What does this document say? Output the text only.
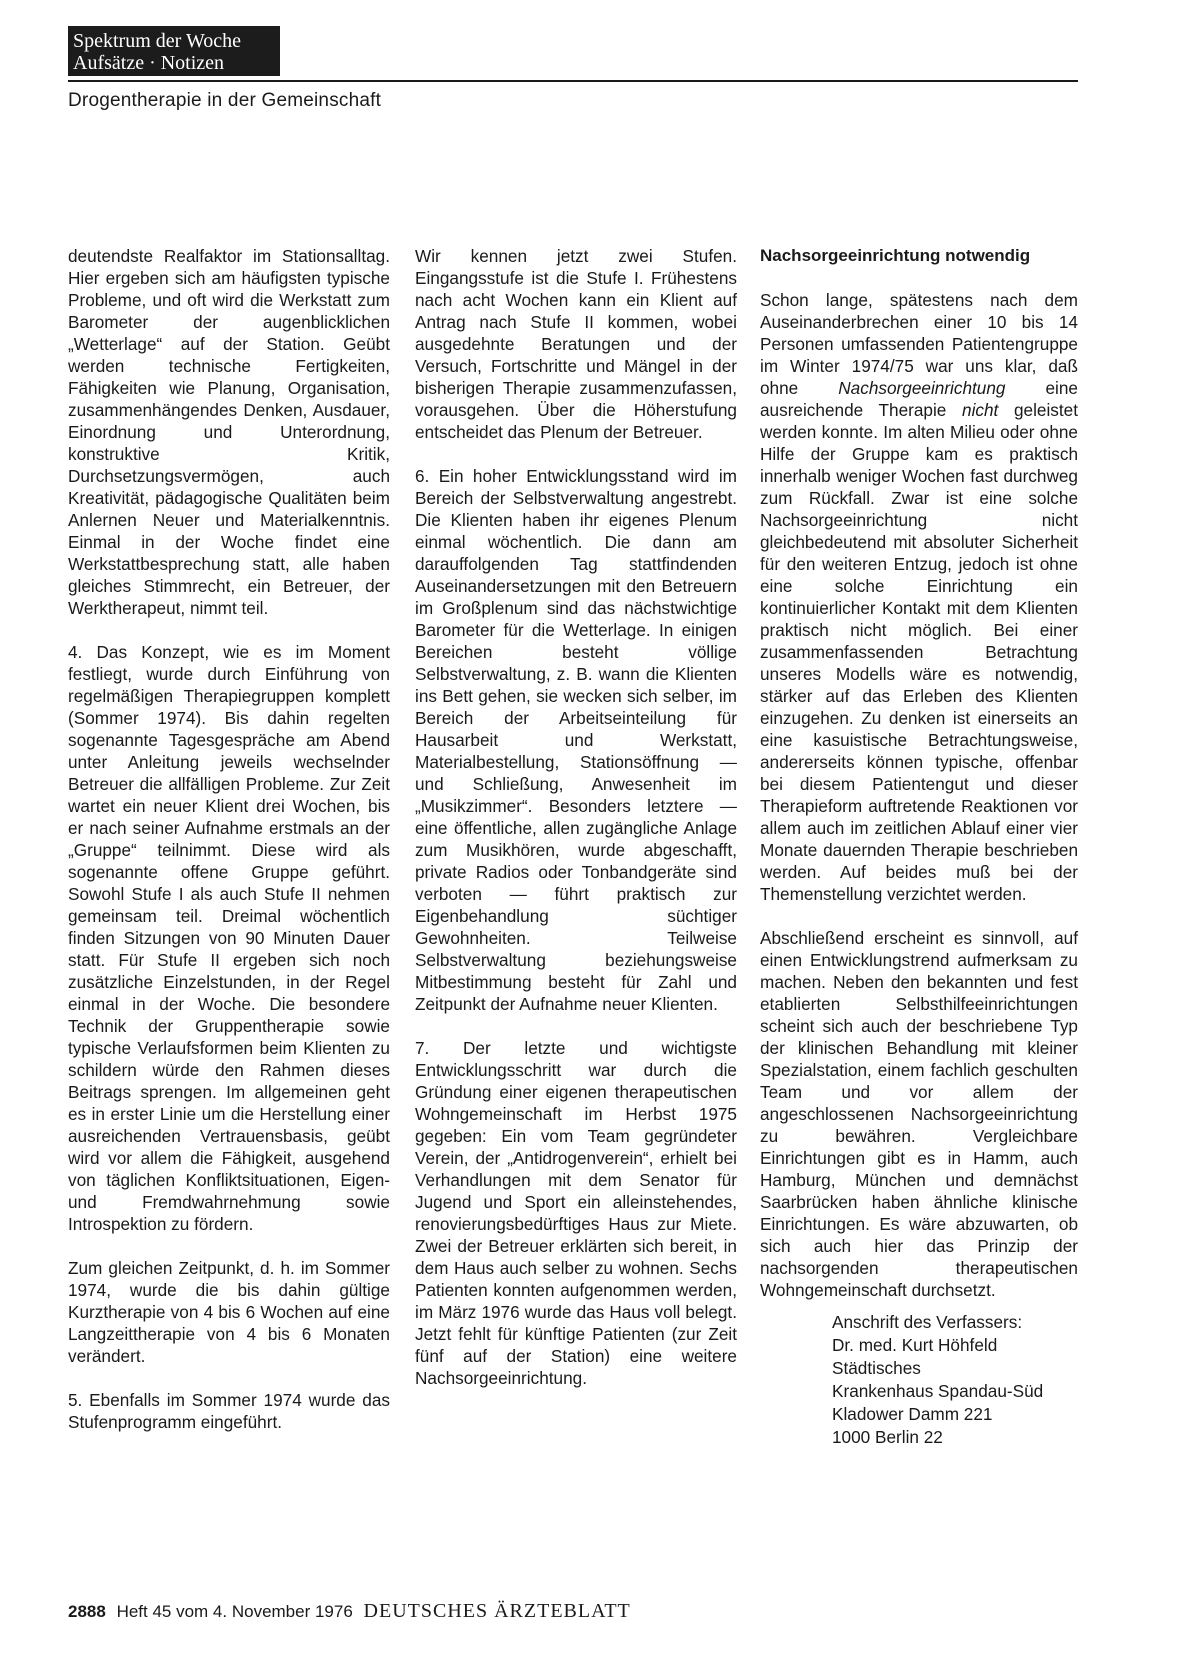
Spektrum der Woche
Aufsätze · Notizen
Drogentherapie in der Gemeinschaft

deutendste Realfaktor im Stationsalltag. Hier ergeben sich am häufigsten typische Probleme, und oft wird die Werkstatt zum Barometer der augenblicklichen „Wetterlage“ auf der Station. Geübt werden technische Fertigkeiten, Fähigkeiten wie Planung, Organisation, zusammenhängendes Denken, Ausdauer, Einordnung und Unterordnung, konstruktive Kritik, Durchsetzungsvermögen, auch Kreativität, pädagogische Qualitäten beim Anlernen Neuer und Materialkenntnis. Einmal in der Woche findet eine Werkstattbesprechung statt, alle haben gleiches Stimmrecht, ein Betreuer, der Werktherapeut, nimmt teil.

4. Das Konzept, wie es im Moment festliegt, wurde durch Einführung von regelmäßigen Therapiegruppen komplett (Sommer 1974). Bis dahin regelten sogenannte Tagesgespräche am Abend unter Anleitung jeweils wechselnder Betreuer die allfälligen Probleme. Zur Zeit wartet ein neuer Klient drei Wochen, bis er nach seiner Aufnahme erstmals an der „Gruppe“ teilnimmt. Diese wird als sogenannte offene Gruppe geführt. Sowohl Stufe I als auch Stufe II nehmen gemeinsam teil. Dreimal wöchentlich finden Sitzungen von 90 Minuten Dauer statt. Für Stufe II ergeben sich noch zusätzliche Einzelstunden, in der Regel einmal in der Woche. Die besondere Technik der Gruppentherapie sowie typische Verlaufsformen beim Klienten zu schildern würde den Rahmen dieses Beitrags sprengen. Im allgemeinen geht es in erster Linie um die Herstellung einer ausreichenden Vertrauensbasis, geübt wird vor allem die Fähigkeit, ausgehend von täglichen Konfliktsituationen, Eigen- und Fremdwahrnehmung sowie Introspektion zu fördern.

Zum gleichen Zeitpunkt, d. h. im Sommer 1974, wurde die bis dahin gültige Kurztherapie von 4 bis 6 Wochen auf eine Langzeittherapie von 4 bis 6 Monaten verändert.

5. Ebenfalls im Sommer 1974 wurde das Stufenprogramm eingeführt.

Wir kennen jetzt zwei Stufen. Eingangsstufe ist die Stufe I. Frühestens nach acht Wochen kann ein Klient auf Antrag nach Stufe II kommen, wobei ausgedehnte Beratungen und der Versuch, Fortschritte und Mängel in der bisherigen Therapie zusammenzufassen, vorausgehen. Über die Höherstufung entscheidet das Plenum der Betreuer.

6. Ein hoher Entwicklungsstand wird im Bereich der Selbstverwaltung angestrebt. Die Klienten haben ihr eigenes Plenum einmal wöchentlich. Die dann am darauffolgenden Tag stattfindenden Auseinandersetzungen mit den Betreuern im Großplenum sind das nächstwichtige Barometer für die Wetterlage. In einigen Bereichen besteht völlige Selbstverwaltung, z. B. wann die Klienten ins Bett gehen, sie wecken sich selber, im Bereich der Arbeitseinteilung für Hausarbeit und Werkstatt, Materialbestellung, Stationsöffnung — und Schließung, Anwesenheit im „Musikzimmer“. Besonders letztere — eine öffentliche, allen zugängliche Anlage zum Musikhören, wurde abgeschafft, private Radios oder Tonbandgeräte sind verboten — führt praktisch zur Eigenbehandlung süchtiger Gewohnheiten. Teilweise Selbstverwaltung beziehungsweise Mitbestimmung besteht für Zahl und Zeitpunkt der Aufnahme neuer Klienten.

7. Der letzte und wichtigste Entwicklungsschritt war durch die Gründung einer eigenen therapeutischen Wohngemeinschaft im Herbst 1975 gegeben: Ein vom Team gegründeter Verein, der „Antidrogenverein“, erhielt bei Verhandlungen mit dem Senator für Jugend und Sport ein alleinstehendes, renovierungsbedürftiges Haus zur Miete. Zwei der Betreuer erklärten sich bereit, in dem Haus auch selber zu wohnen. Sechs Patienten konnten aufgenommen werden, im März 1976 wurde das Haus voll belegt. Jetzt fehlt für künftige Patienten (zur Zeit fünf auf der Station) eine weitere Nachsorgeeinrichtung.

Nachsorgeeinrichtung notwendig

Schon lange, spätestens nach dem Auseinanderbrechen einer 10 bis 14 Personen umfassenden Patientengruppe im Winter 1974/75 war uns klar, daß ohne Nachsorgeeinrichtung eine ausreichende Therapie nicht geleistet werden konnte. Im alten Milieu oder ohne Hilfe der Gruppe kam es praktisch innerhalb weniger Wochen fast durchweg zum Rückfall. Zwar ist eine solche Nachsorgeeinrichtung nicht gleichbedeutend mit absoluter Sicherheit für den weiteren Entzug, jedoch ist ohne eine solche Einrichtung ein kontinuierlicher Kontakt mit dem Klienten praktisch nicht möglich. Bei einer zusammenfassenden Betrachtung unseres Modells wäre es notwendig, stärker auf das Erleben des Klienten einzugehen. Zu denken ist einerseits an eine kasuistische Betrachtungsweise, andererseits können typische, offenbar bei diesem Patientengut und dieser Therapieform auftretende Reaktionen vor allem auch im zeitlichen Ablauf einer vier Monate dauernden Therapie beschrieben werden. Auf beides muß bei der Themenstellung verzichtet werden.

Abschließend erscheint es sinnvoll, auf einen Entwicklungstrend aufmerksam zu machen. Neben den bekannten und fest etablierten Selbsthilfeeinrichtungen scheint sich auch der beschriebene Typ der klinischen Behandlung mit kleiner Spezialstation, einem fachlich geschulten Team und vor allem der angeschlossenen Nachsorgeeinrichtung zu bewähren. Vergleichbare Einrichtungen gibt es in Hamm, auch Hamburg, München und demnächst Saarbrücken haben ähnliche klinische Einrichtungen. Es wäre abzuwarten, ob sich auch hier das Prinzip der nachsorgenden therapeutischen Wohngemeinschaft durchsetzt.

Anschrift des Verfassers:
Dr. med. Kurt Höhfeld
Städtisches
Krankenhaus Spandau-Süd
Kladower Damm 221
1000 Berlin 22
2888 Heft 45 vom 4. November 1976 DEUTSCHES ÄRZTEBLATT
